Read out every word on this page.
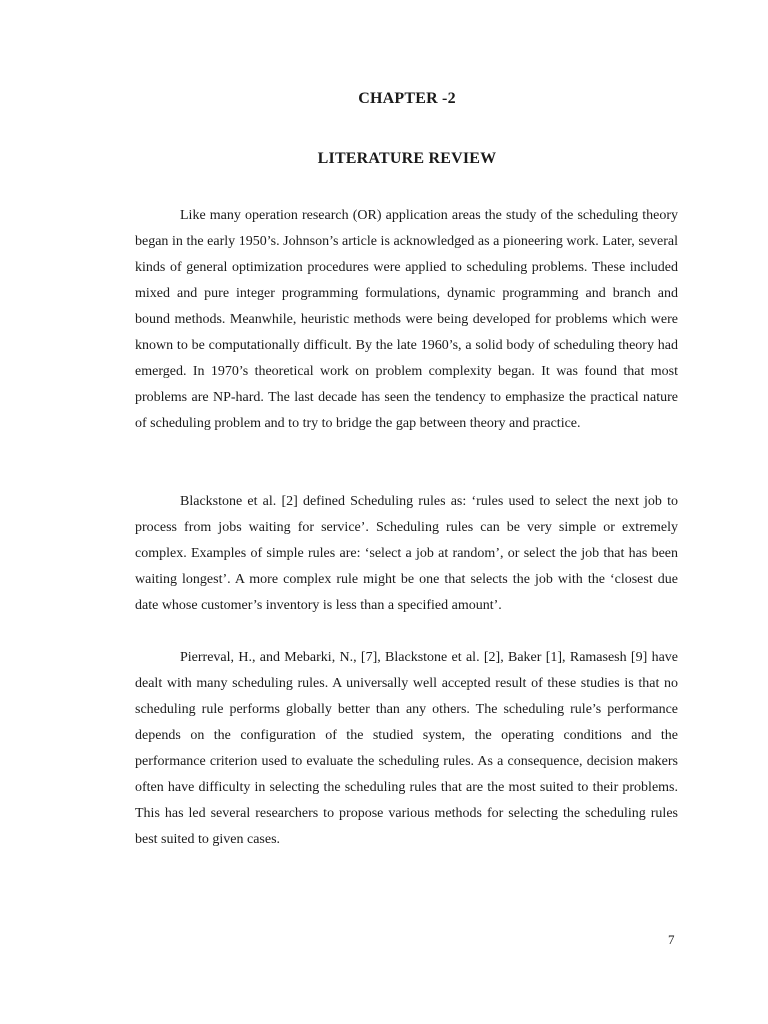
CHAPTER -2
LITERATURE REVIEW

Like many operation research (OR) application areas the study of the scheduling theory began in the early 1950’s. Johnson’s article is acknowledged as a pioneering work. Later, several kinds of general optimization procedures were applied to scheduling problems. These included mixed and pure integer programming formulations, dynamic programming and branch and bound methods. Meanwhile, heuristic methods were being developed for problems which were known to be computationally difficult. By the late 1960’s, a solid body of scheduling theory had emerged. In 1970’s theoretical work on problem complexity began. It was found that most problems are NP-hard. The last decade has seen the tendency to emphasize the practical nature of scheduling problem and to try to bridge the gap between theory and practice.

Blackstone et al. [2] defined Scheduling rules as: ‘rules used to select the next job to process from jobs waiting for service’. Scheduling rules can be very simple or extremely complex. Examples of simple rules are: ‘select a job at random’, or select the job that has been waiting longest’. A more complex rule might be one that selects the job with the ‘closest due date whose customer’s inventory is less than a specified amount’.

Pierreval, H., and Mebarki, N., [7], Blackstone et al. [2], Baker [1], Ramasesh [9] have dealt with many scheduling rules. A universally well accepted result of these studies is that no scheduling rule performs globally better than any others. The scheduling rule’s performance depends on the configuration of the studied system, the operating conditions and the performance criterion used to evaluate the scheduling rules. As a consequence, decision makers often have difficulty in selecting the scheduling rules that are the most suited to their problems. This has led several researchers to propose various methods for selecting the scheduling rules best suited to given cases.

7
